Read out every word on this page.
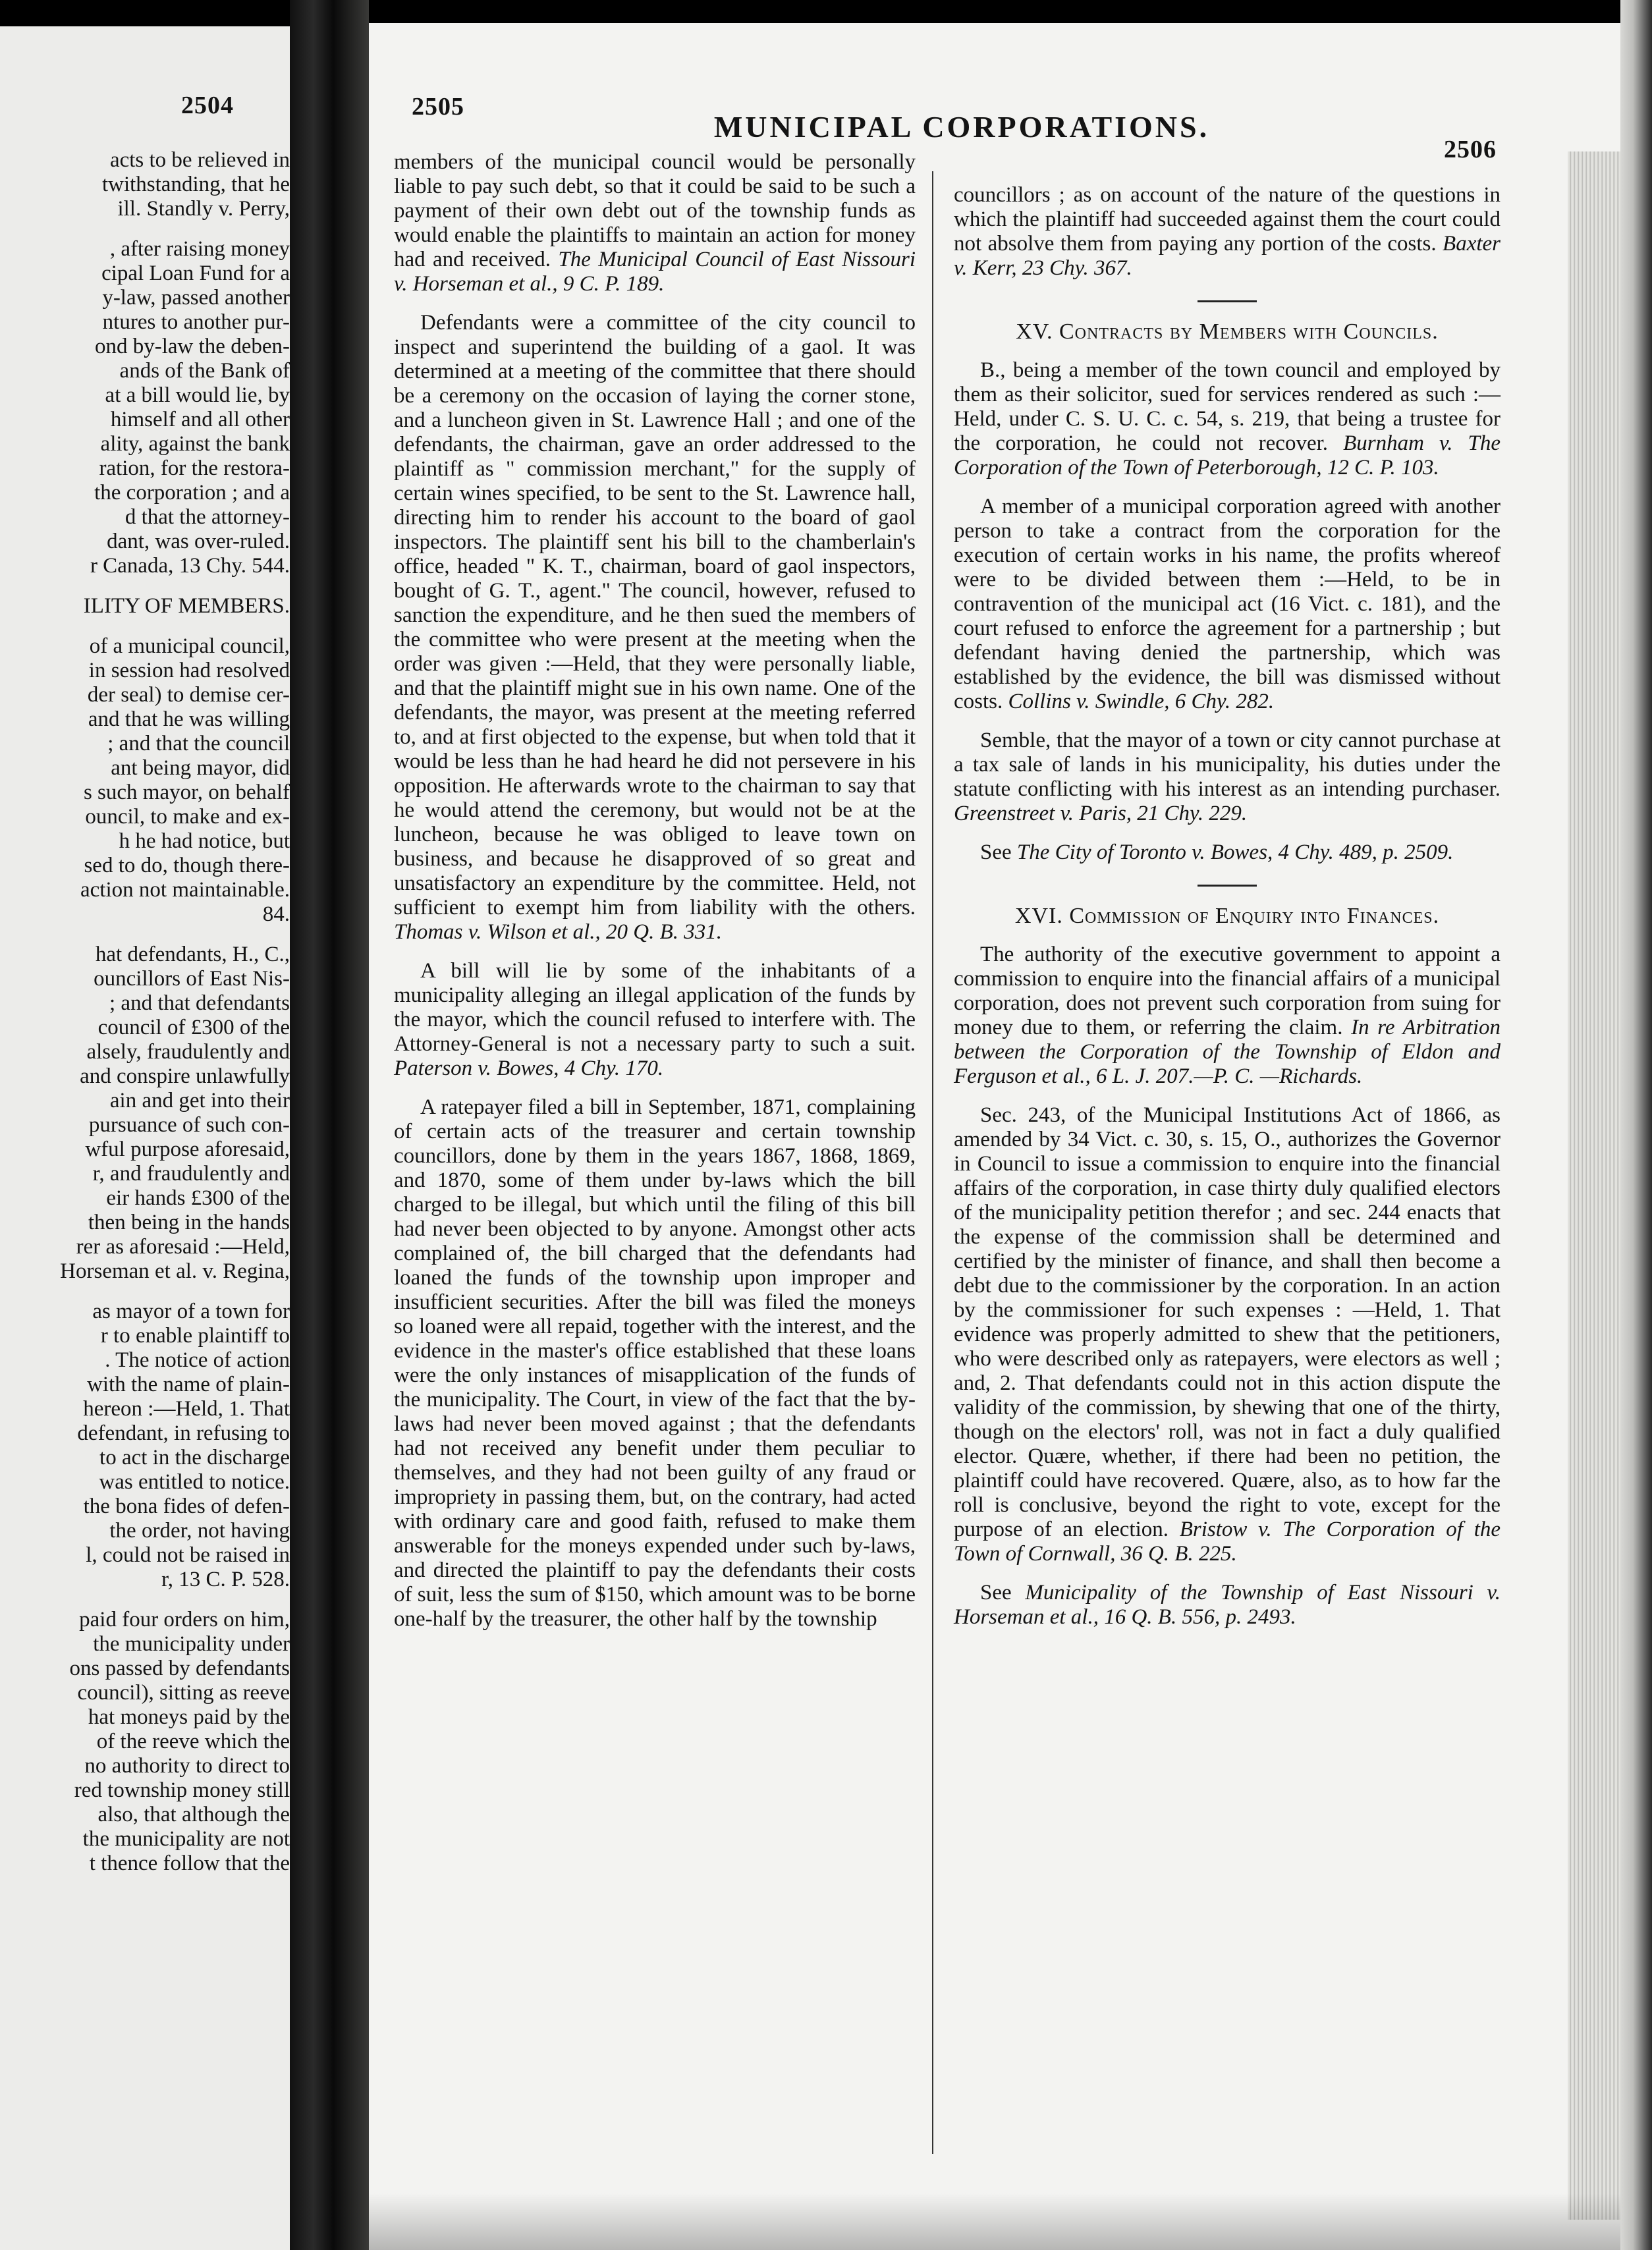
2504
acts to be relieved in
twithstanding, that he
ill. Standly v. Perry,
, after raising money
cipal Loan Fund for a
y-law, passed another
ntures to another pur-
ond by-law the deben-
ands of the Bank of
at a bill would lie, by
himself and all other
ality, against the bank
ration, for the restora-
the corporation ; and a
d that the attorney-
dant, was over-ruled.
r Canada, 13 Chy. 544.
ILITY OF MEMBERS.
of a municipal council,
in session had resolved
der seal) to demise cer-
and that he was willing
; and that the council
ant being mayor, did
s such mayor, on behalf
ouncil, to make and ex-
h he had notice, but
sed to do, though there-
action not maintainable.
84.
hat defendants, H., C.,
ouncillors of East Nis-
; and that defendants
council of £300 of the
alsely, fraudulently and
and conspire unlawfully
ain and get into their
pursuance of such con-
wful purpose aforesaid,
r, and fraudulently and
eir hands £300 of the
then being in the hands
rer as aforesaid :—Held,
Horseman et al. v. Regina,
as mayor of a town for
r to enable plaintiff to
. The notice of action
with the name of plain-
hereon :—Held, 1. That
defendant, in refusing to
to act in the discharge
was entitled to notice.
the bona fides of defen-
the order, not having
l, could not be raised in
r, 13 C. P. 528.
paid four orders on him,
the municipality under
ons passed by defendants
council), sitting as reeve
hat moneys paid by the
of the reeve which the
no authority to direct to
red township money still
also, that although the
the municipality are not
t thence follow that the
2505
MUNICIPAL CORPORATIONS.
2506

members of the municipal council would be personally liable to pay such debt, so that it could be said to be such a payment of their own debt out of the township funds as would enable the plaintiffs to maintain an action for money had and received. The Municipal Council of East Nissouri v. Horseman et al., 9 C. P. 189.

Defendants were a committee of the city council to inspect and superintend the building of a gaol. It was determined at a meeting of the committee that there should be a ceremony on the occasion of laying the corner stone, and a luncheon given in St. Lawrence Hall ; and one of the defendants, the chairman, gave an order addressed to the plaintiff as " commission merchant," for the supply of certain wines specified, to be sent to the St. Lawrence hall, directing him to render his account to the board of gaol inspectors. The plaintiff sent his bill to the chamberlain's office, headed " K. T., chairman, board of gaol inspectors, bought of G. T., agent." The council, however, refused to sanction the expenditure, and he then sued the members of the committee who were present at the meeting when the order was given :—Held, that they were personally liable, and that the plaintiff might sue in his own name. One of the defendants, the mayor, was present at the meeting referred to, and at first objected to the expense, but when told that it would be less than he had heard he did not persevere in his opposition. He afterwards wrote to the chairman to say that he would attend the ceremony, but would not be at the luncheon, because he was obliged to leave town on business, and because he disapproved of so great and unsatisfactory an expenditure by the committee. Held, not sufficient to exempt him from liability with the others. Thomas v. Wilson et al., 20 Q. B. 331.

A bill will lie by some of the inhabitants of a municipality alleging an illegal application of the funds by the mayor, which the council refused to interfere with. The Attorney-General is not a necessary party to such a suit. Paterson v. Bowes, 4 Chy. 170.

A ratepayer filed a bill in September, 1871, complaining of certain acts of the treasurer and certain township councillors, done by them in the years 1867, 1868, 1869, and 1870, some of them under by-laws which the bill charged to be illegal, but which until the filing of this bill had never been objected to by anyone. Amongst other acts complained of, the bill charged that the defendants had loaned the funds of the township upon improper and insufficient securities. After the bill was filed the moneys so loaned were all repaid, together with the interest, and the evidence in the master's office established that these loans were the only instances of misapplication of the funds of the municipality. The Court, in view of the fact that the by-laws had never been moved against ; that the defendants had not received any benefit under them peculiar to themselves, and they had not been guilty of any fraud or impropriety in passing them, but, on the contrary, had acted with ordinary care and good faith, refused to make them answerable for the moneys expended under such by-laws, and directed the plaintiff to pay the defendants their costs of suit, less the sum of $150, which amount was to be borne one-half by the treasurer, the other half by the township

councillors ; as on account of the nature of the questions in which the plaintiff had succeeded against them the court could not absolve them from paying any portion of the costs. Baxter v. Kerr, 23 Chy. 367.

XV. Contracts by Members with Councils.

B., being a member of the town council and employed by them as their solicitor, sued for services rendered as such :—Held, under C. S. U. C. c. 54, s. 219, that being a trustee for the corporation, he could not recover. Burnham v. The Corporation of the Town of Peterborough, 12 C. P. 103.

A member of a municipal corporation agreed with another person to take a contract from the corporation for the execution of certain works in his name, the profits whereof were to be divided between them :—Held, to be in contravention of the municipal act (16 Vict. c. 181), and the court refused to enforce the agreement for a partnership ; but defendant having denied the partnership, which was established by the evidence, the bill was dismissed without costs. Collins v. Swindle, 6 Chy. 282.

Semble, that the mayor of a town or city cannot purchase at a tax sale of lands in his municipality, his duties under the statute conflicting with his interest as an intending purchaser. Greenstreet v. Paris, 21 Chy. 229.

See The City of Toronto v. Bowes, 4 Chy. 489, p. 2509.

XVI. Commission of Enquiry into Finances.

The authority of the executive government to appoint a commission to enquire into the financial affairs of a municipal corporation, does not prevent such corporation from suing for money due to them, or referring the claim. In re Arbitration between the Corporation of the Township of Eldon and Ferguson et al., 6 L. J. 207.—P. C. —Richards.

Sec. 243, of the Municipal Institutions Act of 1866, as amended by 34 Vict. c. 30, s. 15, O., authorizes the Governor in Council to issue a commission to enquire into the financial affairs of the corporation, in case thirty duly qualified electors of the municipality petition therefor ; and sec. 244 enacts that the expense of the commission shall be determined and certified by the minister of finance, and shall then become a debt due to the commissioner by the corporation. In an action by the commissioner for such expenses : —Held, 1. That evidence was properly admitted to shew that the petitioners, who were described only as ratepayers, were electors as well ; and, 2. That defendants could not in this action dispute the validity of the commission, by shewing that one of the thirty, though on the electors' roll, was not in fact a duly qualified elector. Quære, whether, if there had been no petition, the plaintiff could have recovered. Quære, also, as to how far the roll is conclusive, beyond the right to vote, except for the purpose of an election. Bristow v. The Corporation of the Town of Cornwall, 36 Q. B. 225.

See Municipality of the Township of East Nissouri v. Horseman et al., 16 Q. B. 556, p. 2493.
